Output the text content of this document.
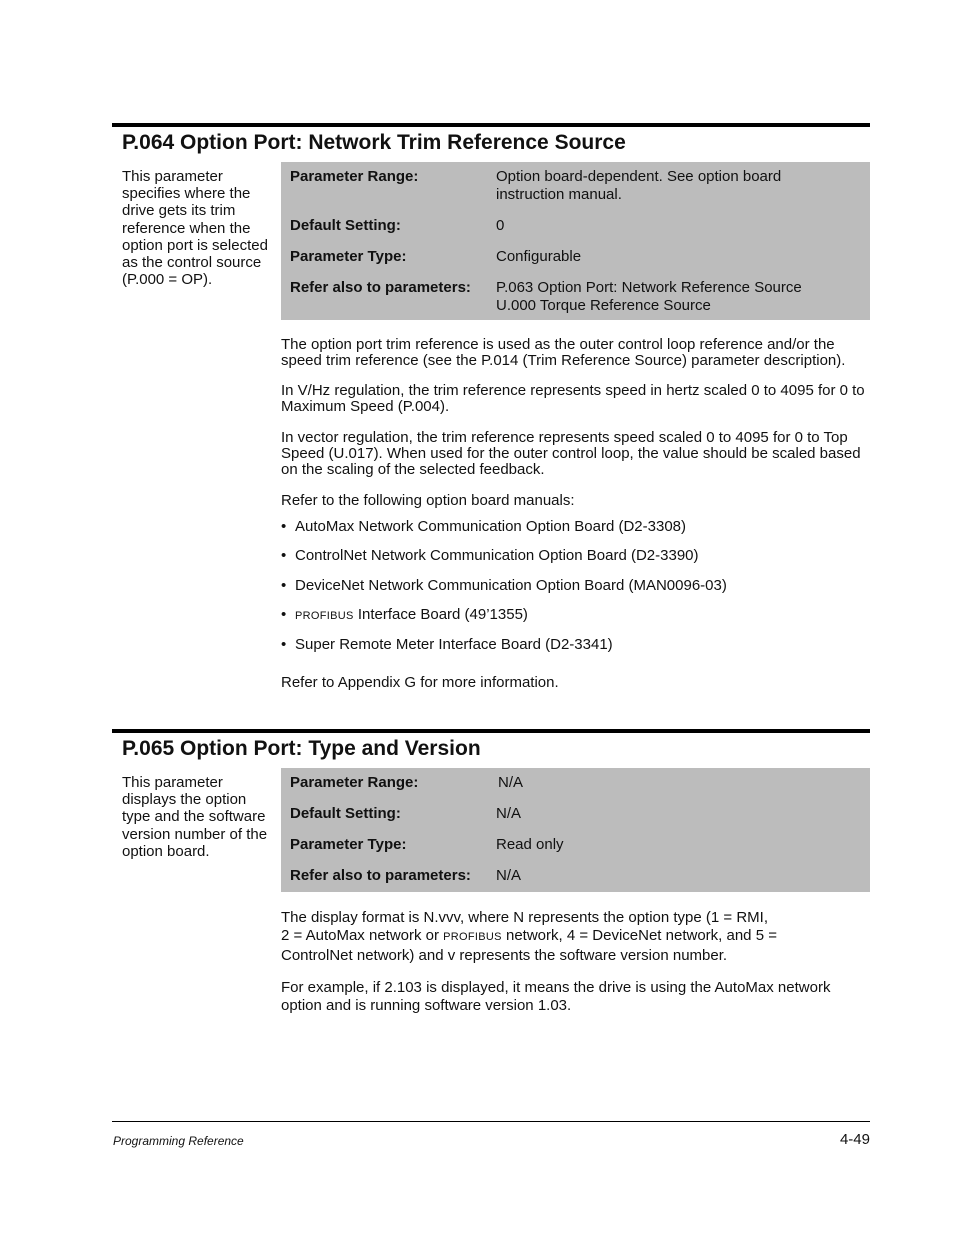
P.064 Option Port: Network Trim Reference Source
This parameter specifies where the drive gets its trim reference when the option port is selected as the control source (P.000 = OP).
Parameter Range:	Option board-dependent. See option board
instruction manual.
Default Setting:	0
Parameter Type:	Configurable
Refer also to parameters: P.063 Option Port: Network Reference Source
U.000 Torque Reference Source
The option port trim reference is used as the outer control loop reference and/or the speed trim reference (see the P.014 (Trim Reference Source) parameter description).
In V/Hz regulation, the trim reference represents speed in hertz scaled 0 to 4095 for 0 to Maximum Speed (P.004).
In vector regulation, the trim reference represents speed scaled 0 to 4095 for 0 to Top Speed (U.017). When used for the outer control loop, the value should be scaled based on the scaling of the selected feedback.
Refer to the following option board manuals:
• AutoMax Network Communication Option Board (D2-3308)
• ControlNet Network Communication Option Board (D2-3390)
• DeviceNet Network Communication Option Board (MAN0096-03)
• PROFIBUS Interface Board (49’1355)
• Super Remote Meter Interface Board (D2-3341)
Refer to Appendix G for more information.
P.065 Option Port: Type and Version
This parameter displays the option type and the software version number of the option board.
Parameter Range:	N/A
Default Setting:	N/A
Parameter Type:	Read only
Refer also to parameters: N/A
The display format is N.vvv, where N represents the option type (1 = RMI,
2 = AutoMax network or PROFIBUS network, 4 = DeviceNet network, and 5 =
ControlNet network) and v represents the software version number.
For example, if 2.103 is displayed, it means the drive is using the AutoMax network option and is running software version 1.03.
Programming Reference	4-49
